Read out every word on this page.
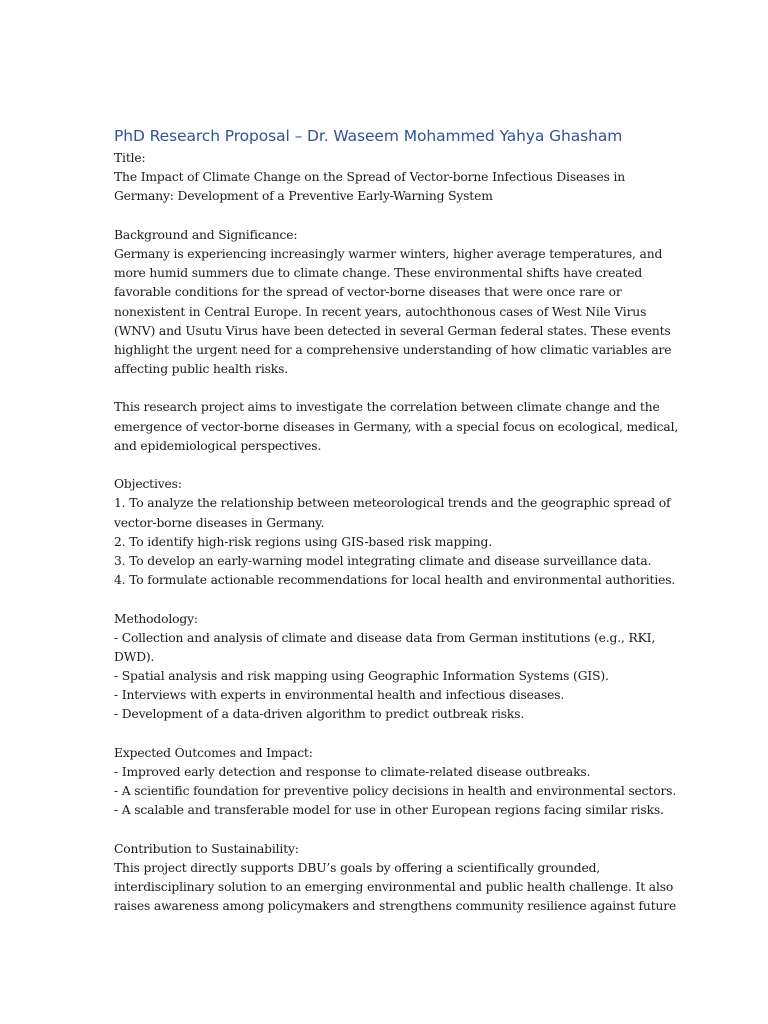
PhD Research Proposal – Dr. Waseem Mohammed Yahya Ghasham
Title:
The Impact of Climate Change on the Spread of Vector-borne Infectious Diseases in
Germany: Development of a Preventive Early-Warning System
Background and Significance:
Germany is experiencing increasingly warmer winters, higher average temperatures, and
more humid summers due to climate change. These environmental shifts have created
favorable conditions for the spread of vector-borne diseases that were once rare or
nonexistent in Central Europe. In recent years, autochthonous cases of West Nile Virus
(WNV) and Usutu Virus have been detected in several German federal states. These events
highlight the urgent need for a comprehensive understanding of how climatic variables are
affecting public health risks.
This research project aims to investigate the correlation between climate change and the
emergence of vector-borne diseases in Germany, with a special focus on ecological, medical,
and epidemiological perspectives.
Objectives:
1. To analyze the relationship between meteorological trends and the geographic spread of
vector-borne diseases in Germany.
2. To identify high-risk regions using GIS-based risk mapping.
3. To develop an early-warning model integrating climate and disease surveillance data.
4. To formulate actionable recommendations for local health and environmental authorities.
Methodology:
- Collection and analysis of climate and disease data from German institutions (e.g., RKI,
DWD).
- Spatial analysis and risk mapping using Geographic Information Systems (GIS).
- Interviews with experts in environmental health and infectious diseases.
- Development of a data-driven algorithm to predict outbreak risks.
Expected Outcomes and Impact:
- Improved early detection and response to climate-related disease outbreaks.
- A scientific foundation for preventive policy decisions in health and environmental sectors.
- A scalable and transferable model for use in other European regions facing similar risks.
Contribution to Sustainability:
This project directly supports DBU’s goals by offering a scientifically grounded,
interdisciplinary solution to an emerging environmental and public health challenge. It also
raises awareness among policymakers and strengthens community resilience against future
